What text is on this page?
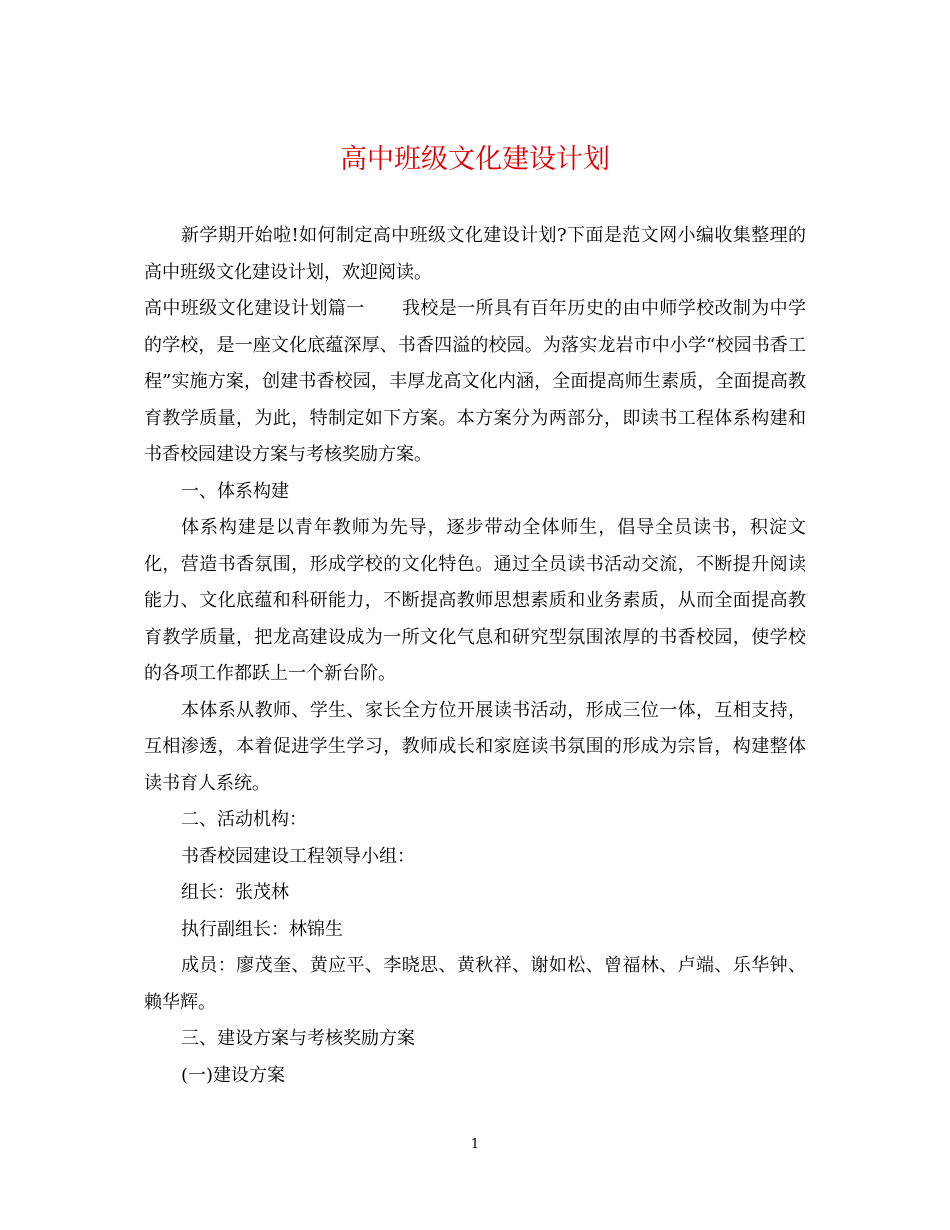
高中班级文化建设计划

新学期开始啦!如何制定高中班级文化建设计划?下面是范文网小编收集整理的高中班级文化建设计划，欢迎阅读。

高中班级文化建设计划篇一 我校是一所具有百年历史的由中师学校改制为中学的学校，是一座文化底蕴深厚、书香四溢的校园。为落实龙岩市中小学“校园书香工程”实施方案，创建书香校园，丰厚龙高文化内涵，全面提高师生素质，全面提高教育教学质量，为此，特制定如下方案。本方案分为两部分，即读书工程体系构建和书香校园建设方案与考核奖励方案。

一、体系构建

体系构建是以青年教师为先导，逐步带动全体师生，倡导全员读书，积淀文化，营造书香氛围，形成学校的文化特色。通过全员读书活动交流，不断提升阅读能力、文化底蕴和科研能力，不断提高教师思想素质和业务素质，从而全面提高教育教学质量，把龙高建设成为一所文化气息和研究型氛围浓厚的书香校园，使学校的各项工作都跃上一个新台阶。

本体系从教师、学生、家长全方位开展读书活动，形成三位一体，互相支持，互相渗透，本着促进学生学习，教师成长和家庭读书氛围的形成为宗旨，构建整体读书育人系统。

二、活动机构：

书香校园建设工程领导小组：

组长：张茂林

执行副组长：林锦生

成员：廖茂奎、黄应平、李晓思、黄秋祥、谢如松、曾福林、卢端、乐华钟、赖华辉。

三、建设方案与考核奖励方案

(一)建设方案

1
